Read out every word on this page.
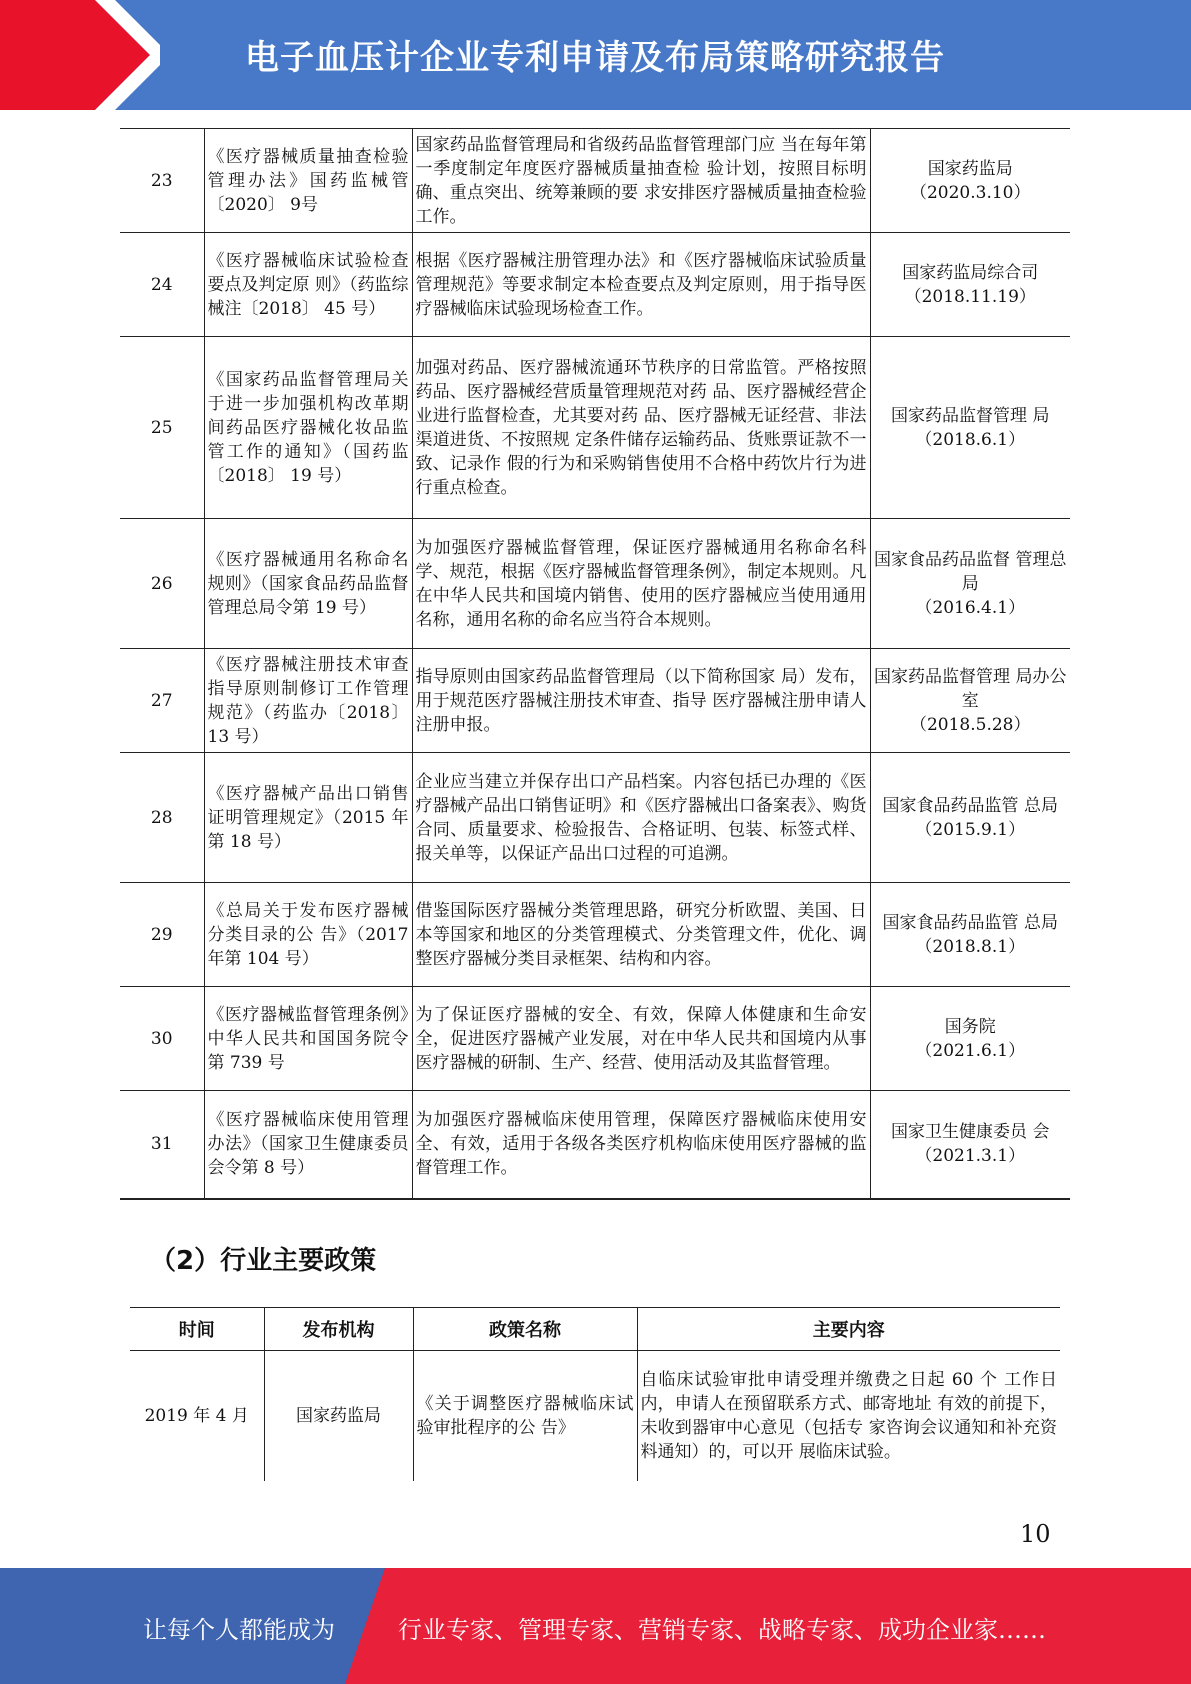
电子血压计企业专利申请及布局策略研究报告
23	《医疗器械质量抽查检验管理办法》国药监械管〔2020〕 9号	国家药品监督管理局和省级药品监督管理部门应 当在每年第一季度制定年度医疗器械质量抽查检 验计划，按照目标明确、重点突出、统筹兼顾的要 求安排医疗器械质量抽查检验工作。	国家药监局
（2020.3.10）

24	《医疗器械临床试验检查要点及判定原 则》（药监综械注〔2018〕 45 号）	根据《医疗器械注册管理办法》和《医疗器械临床试验质量管理规范》等要求制定本检查要点及判定原则，用于指导医疗器械临床试验现场检查工作。	国家药监局综合司
（2018.11.19）

25	《国家药品监督管理局关于进一步加强机构改革期间药品医疗器械化妆品监管工作的通知》（国药监〔2018〕 19 号）	加强对药品、医疗器械流通环节秩序的日常监管。严格按照药品、医疗器械经营质量管理规范对药 品、医疗器械经营企业进行监督检查，尤其要对药 品、医疗器械无证经营、非法渠道进货、不按照规 定条件储存运输药品、货账票证款不一致、记录作 假的行为和采购销售使用不合格中药饮片行为进 行重点检查。	国家药品监督管理 局
（2018.6.1）

26	《医疗器械通用名称命名规则》（国家食品药品监督管理总局令第 19 号）	为加强医疗器械监督管理，保证医疗器械通用名称命名科学、规范，根据《医疗器械监督管理条例》，制定本规则。凡在中华人民共和国境内销售、使用的医疗器械应当使用通用名称，通用名称的命名应当符合本规则。	国家食品药品监督 管理总局
（2016.4.1）

27	《医疗器械注册技术审查指导原则制修订工作管理规范》（药监办〔2018〕13 号）	指导原则由国家药品监督管理局（以下简称国家 局）发布，用于规范医疗器械注册技术审查、指导 医疗器械注册申请人注册申报。	国家药品监督管理 局办公室
（2018.5.28）

28	《医疗器械产品出口销售证明管理规定》（2015 年第 18 号）	企业应当建立并保存出口产品档案。内容包括已办理的《医疗器械产品出口销售证明》和《医疗器械出口备案表》、购货合同、质量要求、检验报告、合格证明、包装、标签式样、报关单等，以保证产品出口过程的可追溯。	国家食品药品监管 总局
（2015.9.1）

29	《总局关于发布医疗器械分类目录的公 告》（2017 年第 104 号）	借鉴国际医疗器械分类管理思路，研究分析欧盟、美国、日本等国家和地区的分类管理模式、分类管理文件，优化、调整医疗器械分类目录框架、结构和内容。	国家食品药品监管 总局
（2018.8.1）

30	《医疗器械监督管理条例》中华人民共和国国务院令第 739 号	为了保证医疗器械的安全、有效，保障人体健康和生命安全，促进医疗器械产业发展，对在中华人民共和国境内从事医疗器械的研制、生产、经营、使用活动及其监督管理。	国务院
（2021.6.1）

31	《医疗器械临床使用管理办法》（国家卫生健康委员会令第 8 号）	为加强医疗器械临床使用管理，保障医疗器械临床使用安全、有效，适用于各级各类医疗机构临床使用医疗器械的监督管理工作。	国家卫生健康委员 会
（2021.3.1）
（2）行业主要政策
时间	发布机构	政策名称	主要内容
2019 年 4 月	国家药监局	《关于调整医疗器械临床试验审批程序的公 告》	自临床试验审批申请受理并缴费之日起 60 个 工作日内，申请人在预留联系方式、邮寄地址 有效的前提下，未收到器审中心意见（包括专 家咨询会议通知和补充资料通知）的，可以开 展临床试验。
10
让每个人都能成为	行业专家、管理专家、营销专家、战略专家、成功企业家……
